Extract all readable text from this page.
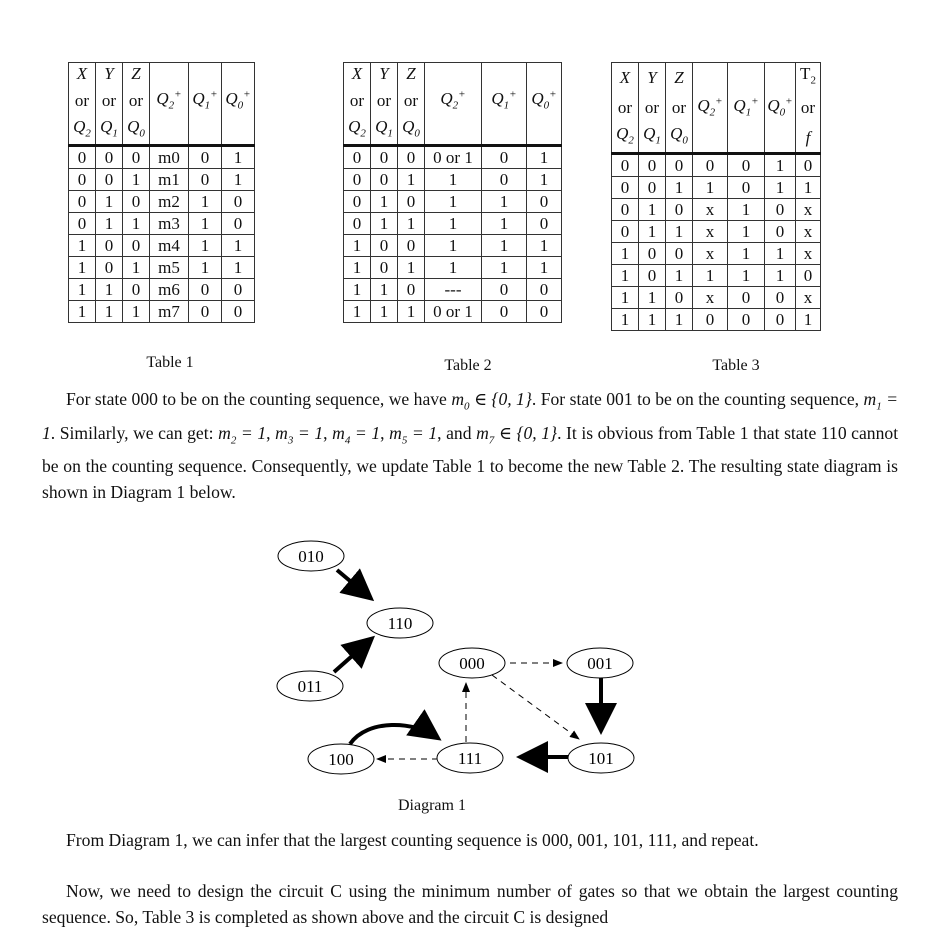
X	Y	Z			
or	or	or	$Q_2^+$	$Q_1^+$	$Q_0^+$
$Q_2$	$Q_1$	$Q_0$			
0	0	0	m0	0	1
0	0	1	m1	0	1
0	1	0	m2	1	0
0	1	1	m3	1	0
1	0	0	m4	1	1
1	0	1	m5	1	1
1	1	0	m6	0	0
1	1	1	m7	0	0
Table 1
X	Y	Z			
or	or	or	$Q_2^+$	$Q_1^+$	$Q_0^+$
$Q_2$	$Q_1$	$Q_0$			
0	0	0	0 or 1	0	1
0	0	1	1	0	1
0	1	0	1	1	0
0	1	1	1	1	0
1	0	0	1	1	1
1	0	1	1	1	1
1	1	0	---	0	0
1	1	1	0 or 1	0	0
Table 2
X	Y	Z				$T_2$
or	or	or	$Q_2^+$	$Q_1^+$	$Q_0^+$	or
$Q_2$	$Q_1$	$Q_0$				f
0	0	0	0	0	1	0
0	0	1	1	0	1	1
0	1	0	x	1	0	x
0	1	1	x	1	0	x
1	0	0	x	1	1	x
1	0	1	1	1	1	0
1	1	0	x	0	0	x
1	1	1	0	0	0	1
Table 3
For state 000 to be on the counting sequence, we have $m_0$ ∈ {0, 1}. For state 001 to be on the counting sequence, $m_1 = 1$. Similarly, we can get: $m_2 = 1$, $m_3 = 1$, $m_4 = 1$, $m_5 = 1$, and $m_7$ ∈ {0, 1}. It is obvious from Table 1 that state 110 cannot be on the counting sequence. Consequently, we update Table 1 to become the new Table 2. The resulting state diagram is shown in Diagram 1 below.
010
110
011
000	001
100	111	101
Diagram 1
From Diagram 1, we can infer that the largest counting sequence is 000, 001, 101, 111, and repeat.
Now, we need to design the circuit C using the minimum number of gates so that we obtain the largest counting sequence. So, Table 3 is completed as shown above and the circuit C is designed
